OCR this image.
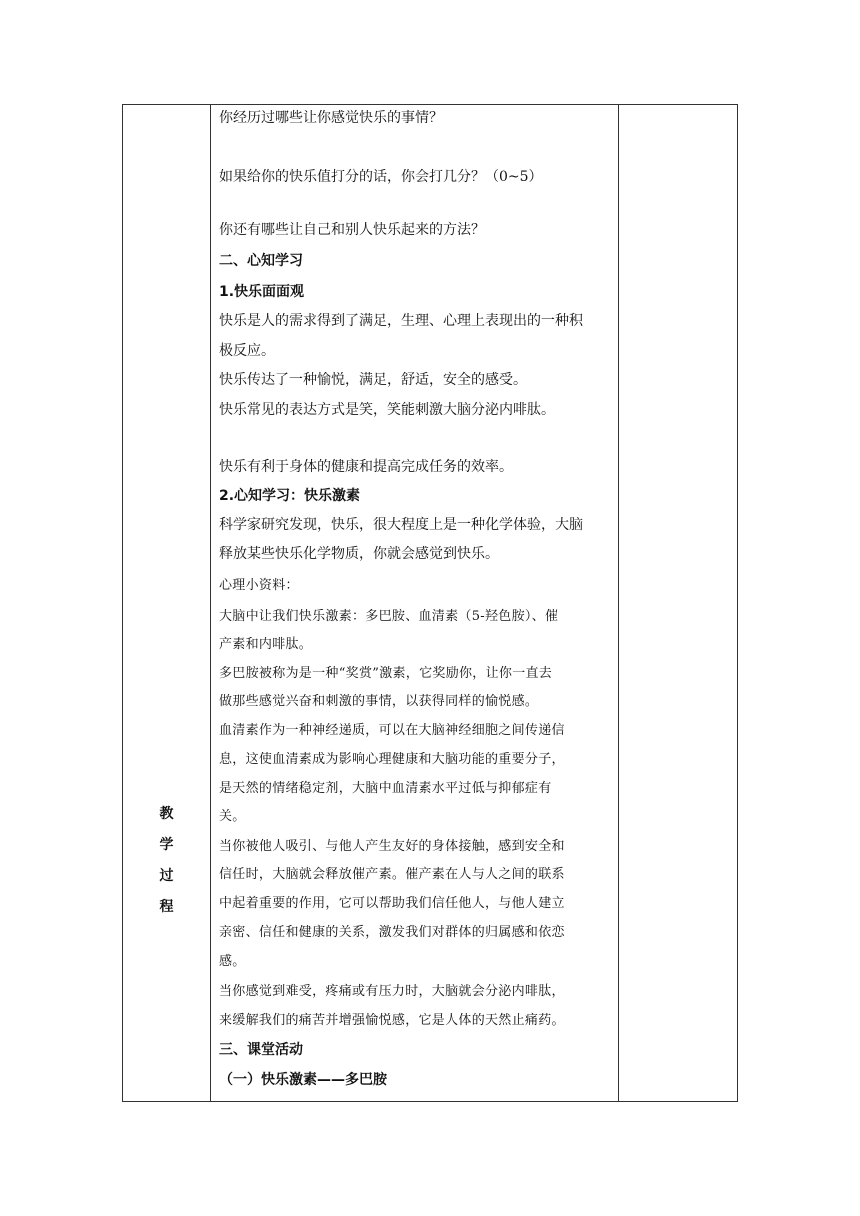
教
学
过
程
你经历过哪些让你感觉快乐的事情？
如果给你的快乐值打分的话，你会打几分？（0~5）
你还有哪些让自己和别人快乐起来的方法？
二、心知学习
1.快乐面面观
快乐是人的需求得到了满足，生理、心理上表现出的一种积
极反应。
快乐传达了一种愉悦，满足，舒适，安全的感受。
快乐常见的表达方式是笑，笑能刺激大脑分泌内啡肽。
快乐有利于身体的健康和提高完成任务的效率。
2.心知学习：快乐激素
科学家研究发现，快乐，很大程度上是一种化学体验，大脑
释放某些快乐化学物质，你就会感觉到快乐。
心理小资料：
大脑中让我们快乐激素：多巴胺、血清素（5-羟色胺）、催
产素和内啡肽。
多巴胺被称为是一种“奖赏”激素，它奖励你，让你一直去
做那些感觉兴奋和刺激的事情，以获得同样的愉悦感。
血清素作为一种神经递质，可以在大脑神经细胞之间传递信
息，这使血清素成为影响心理健康和大脑功能的重要分子，
是天然的情绪稳定剂，大脑中血清素水平过低与抑郁症有
关。
当你被他人吸引、与他人产生友好的身体接触，感到安全和
信任时，大脑就会释放催产素。催产素在人与人之间的联系
中起着重要的作用，它可以帮助我们信任他人，与他人建立
亲密、信任和健康的关系，激发我们对群体的归属感和依恋
感。
当你感觉到难受，疼痛或有压力时，大脑就会分泌内啡肽，
来缓解我们的痛苦并增强愉悦感，它是人体的天然止痛药。
三、课堂活动
（一）快乐激素——多巴胺
